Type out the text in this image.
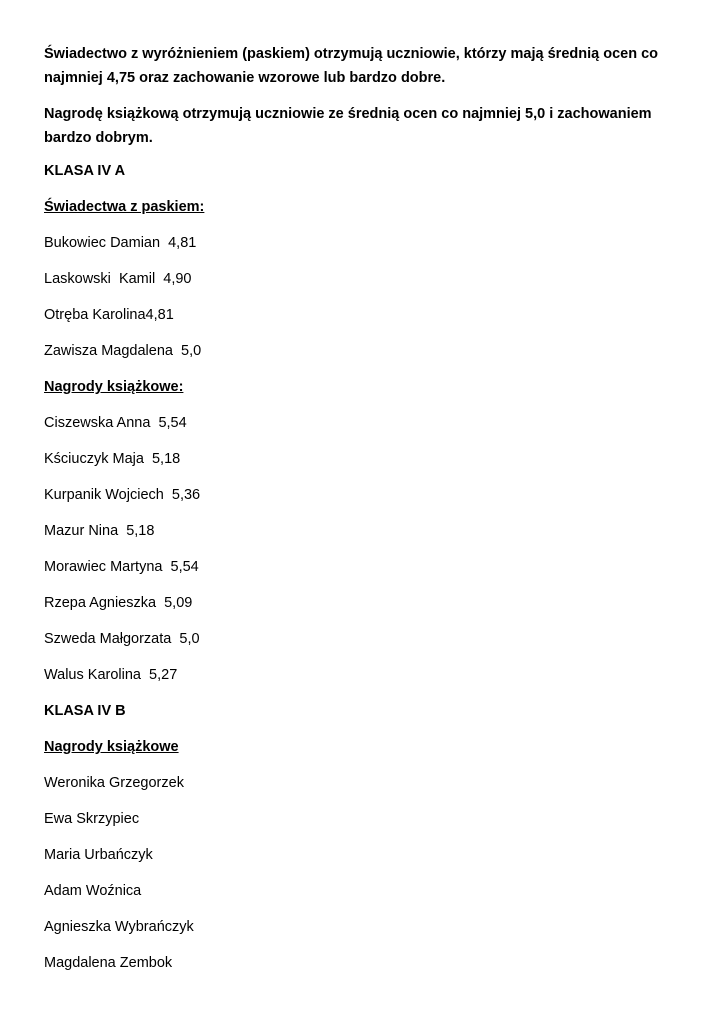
Świadectwo z wyróżnieniem (paskiem) otrzymują uczniowie, którzy mają średnią ocen co najmniej 4,75 oraz zachowanie wzorowe lub bardzo dobre.

Nagrodę książkową otrzymują uczniowie ze średnią ocen co najmniej 5,0 i zachowaniem bardzo dobrym.

KLASA IV A
Świadectwa z paskiem:
Bukowiec Damian  4,81
Laskowski  Kamil  4,90
Otręba Karolina4,81
Zawisza Magdalena  5,0
Nagrody książkowe:
Ciszewska Anna  5,54
Kściuczyk Maja  5,18
Kurpanik Wojciech  5,36
Mazur Nina  5,18
Morawiec Martyna  5,54
Rzepa Agnieszka  5,09
Szweda Małgorzata  5,0
Walus Karolina  5,27
KLASA IV B
Nagrody książkowe
Weronika Grzegorzek
Ewa Skrzypiec
Maria Urbańczyk
Adam Woźnica
Agnieszka Wybrańczyk
Magdalena Zembok
